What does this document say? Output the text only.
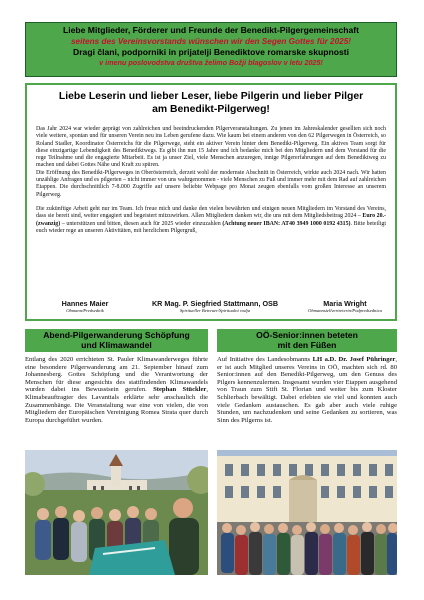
Liebe Mitglieder, Förderer und Freunde der Benedikt-Pilgergemeinschaft
seitens des Vereinsvorstands wünschen wir den Segen Gottes für 2025!
Dragi člani, podporniki in prijatelji Benediktove romarske skupnosti
v imenu poslovodstva društva želimo Božji blagoslov v letu 2025!
Liebe Leserin und lieber Leser, liebe Pilgerin und lieber Pilger
am Benedikt-Pilgerweg!

Das Jahr 2024 war wieder geprägt von zahlreichen und beeindruckenden Pilgerveranstaltungen. Zu jenen im Jahreskalender gesellten sich noch viele weitere, spontan und für unseren Verein neu ins Leben gerufene dazu. Wie kaum bei einem anderen von den 62 Pilgerwegen in Österreich, so Roland Stadler, Koordinator Österreichs für die Pilgerwege, steht ein aktiver Verein hinter dem Benedikt-Pilgerweg. Ein aktives Team sorgt für diese einzigartige Lebendigkeit des Benediktwegs. Es gibt ihn nun 15 Jahre und ich bedanke mich bei den Mitgliedern und dem Vorstand für die rege Teilnahme und die engagierte Mitarbeit. Es ist ja unser Ziel, viele Menschen anzuregen, innige Pilgererfahrungen auf dem Benediktweg zu machen und dabei Gottes Nähe und Kraft zu spüren.

Die Eröffnung des Benedikt-Pilgerweges in Oberösterreich, derzeit wohl der modernste Abschnitt in Österreich, wirkte auch 2024 nach. Wir hatten unzählige Anfragen und es pilgerten – nicht immer von uns wahrgenommen - viele Menschen zu Fuß und immer mehr mit dem Rad auf zahlreichen Etappen. Die durchschnittlich 7-8.000 Zugriffe auf unsere beliebte Webpage pro Monat zeugen ebenfalls vom großen Interesse an unserem Pilgerweg.

Die zukünftige Arbeit geht nur im Team. Ich freue mich und danke den vielen bewährten und einigen neuen Mitgliedern im Vorstand des Vereins, dass sie bereit sind, weiter engagiert und begeistert mitzuwirken. Allen Mitgliedern danken wir, die uns mit dem Mitgliedsbeitrag 2024 – Euro 20.- (zwanzig) – unterstützen und bitten, diesen auch für 2025 wieder einzuzahlen (Achtung neuer IBAN: AT40 3949 1000 0192 4315). Bitte beteiligt euch wieder rege an unseren Aktivitäten, mit herzlichem Pilgergruß,

Hannes Maier
Obmann/Predsednik
KR Mag. P. Siegfried Stattmann, OSB
Spiritueller Betreuer/Spiritualni vodja
Maria Wright
Obmannstellvertreterin/Podpredsednica
Abend-Pilgerwanderung Schöpfung
und Klimawandel
OÖ-Senior:innen beteten
mit den Füßen
Entlang des 2020 errichteten St. Pauler Klimawanderweges führte eine besondere Pilgerwanderung am 21. September hinauf zum Johannesberg. Gottes Schöpfung und die Verantwortung der Menschen für diese angesichts des stattfindenden Klimawandels wurden dabei ins Bewusstsein gerufen. Stephan Stückler, Klimabeauftragter des Lavanttals erklärte sehr anschaulich die Zusammenhänge. Die Veranstaltung war eine von vielen, die von Mitgliedern der Europäischen Vereinigung Romea Strata quer durch Europa durchgeführt wurden.
Auf Initiative des Landesobmanns LH a.D. Dr. Josef Pühringer, er ist auch Mitglied unseres Vereins in OÖ, machten sich rd. 80 Senior:innen auf den Benedikt-Pilgerweg, um den Genuss des Pilgers kennenzulernen. Insgesamt wurden vier Etappen ausgehend von Traun zum Stift St. Florian und weiter bis zum Kloster Schlierbach bewältigt. Dabei erlebten sie viel und konnten auch viele Gedanken austauschen. Es gab aber auch viele ruhige Stunden, um nachzudenken und seine Gedanken zu sortieren, was Sinn des Pilgerns ist.
